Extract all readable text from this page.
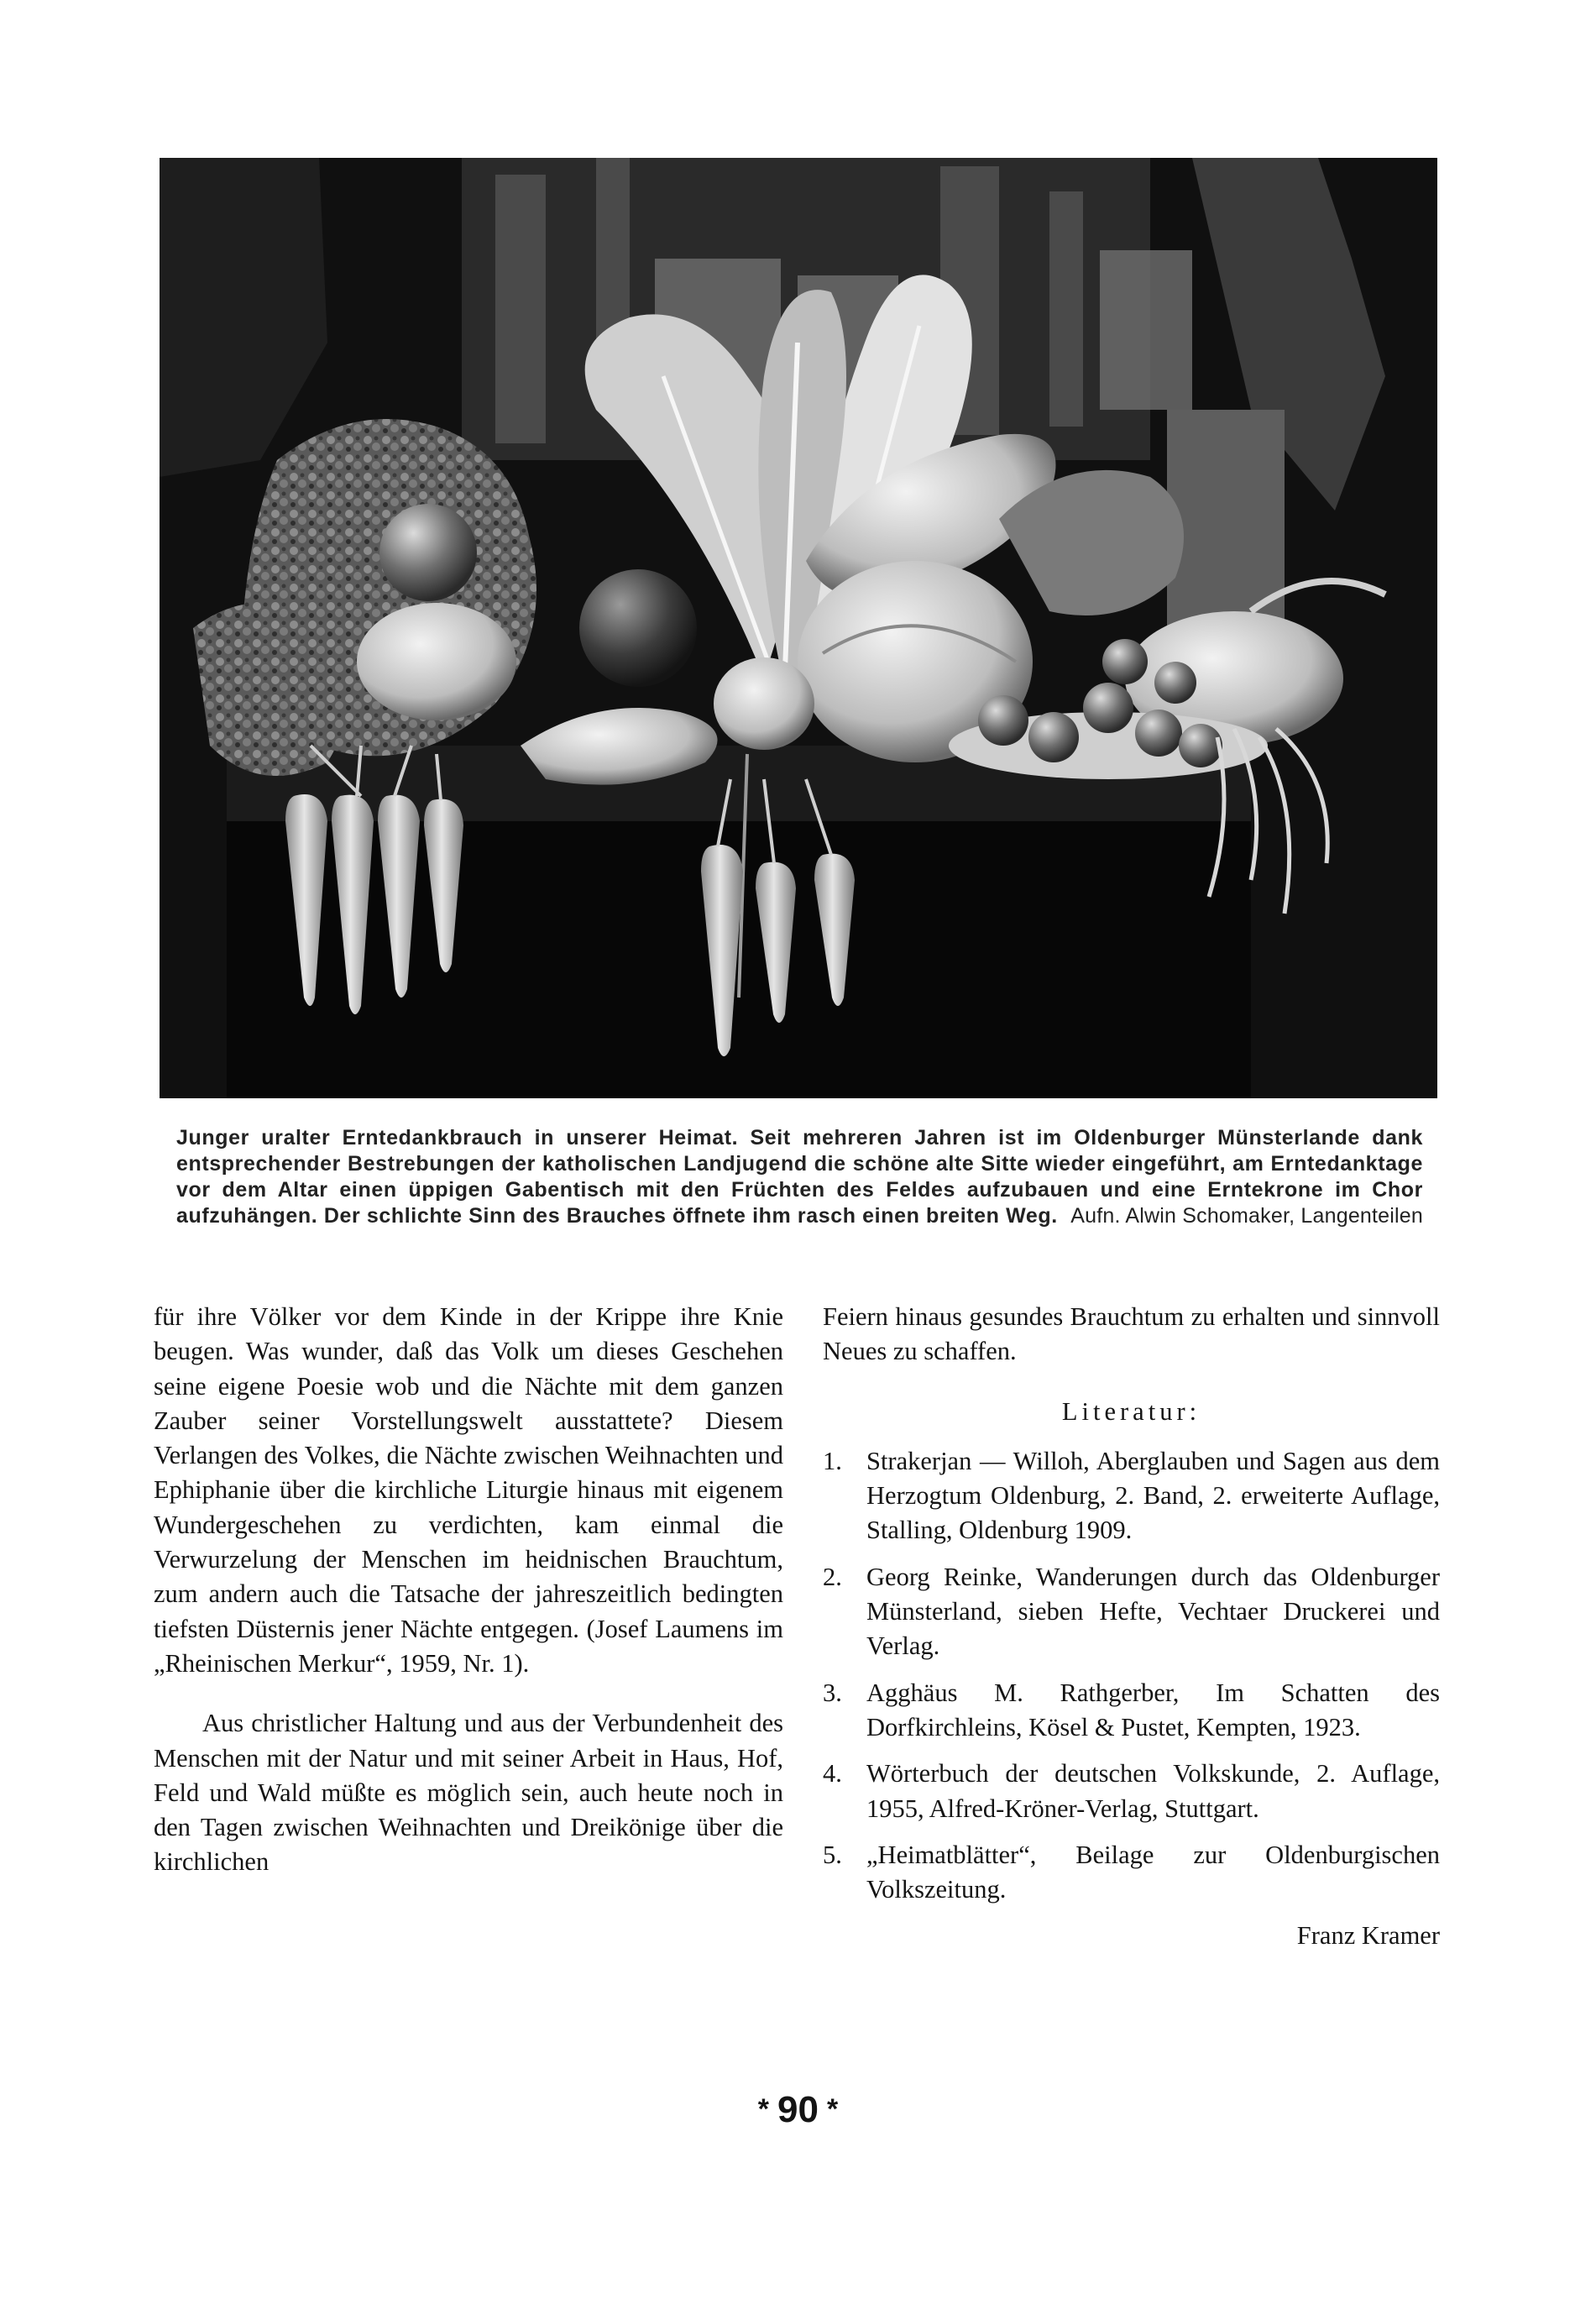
Junger uralter Erntedankbrauch in unserer Heimat. Seit mehreren Jahren ist im Oldenburger Münsterlande dank entsprechender Bestrebungen der katholischen Landjugend die schöne alte Sitte wieder eingeführt, am Erntedanktage vor dem Altar einen üppigen Gabentisch mit den Früchten des Feldes aufzubauen und eine Erntekrone im Chor aufzuhängen. Der schlichte Sinn des Brauches öffnete ihm rasch einen breiten Weg. Aufn. Alwin Schomaker, Langenteilen

für ihre Völker vor dem Kinde in der Krippe ihre Knie beugen. Was wunder, daß das Volk um dieses Geschehen seine eigene Poesie wob und die Nächte mit dem ganzen Zauber seiner Vorstellungswelt ausstattete? Diesem Verlangen des Volkes, die Nächte zwischen Weihnachten und Ephiphanie über die kirchliche Liturgie hinaus mit eigenem Wundergeschehen zu verdichten, kam einmal die Verwurzelung der Menschen im heidnischen Brauchtum, zum andern auch die Tatsache der jahreszeitlich bedingten tiefsten Düsternis jener Nächte entgegen. (Josef Laumens im „Rheinischen Merkur“, 1959, Nr. 1).

Aus christlicher Haltung und aus der Verbundenheit des Menschen mit der Natur und mit seiner Arbeit in Haus, Hof, Feld und Wald müßte es möglich sein, auch heute noch in den Tagen zwischen Weihnachten und Dreikönige über die kirchlichen

Feiern hinaus gesundes Brauchtum zu erhalten und sinnvoll Neues zu schaffen.

Literatur:
1. Strakerjan — Willoh, Aberglauben und Sagen aus dem Herzogtum Oldenburg, 2. Band, 2. erweiterte Auflage, Stalling, Oldenburg 1909.
2. Georg Reinke, Wanderungen durch das Oldenburger Münsterland, sieben Hefte, Vechtaer Druckerei und Verlag.
3. Agghäus M. Rathgerber, Im Schatten des Dorfkirchleins, Kösel & Pustet, Kempten, 1923.
4. Wörterbuch der deutschen Volkskunde, 2. Auflage, 1955, Alfred-Kröner-Verlag, Stuttgart.
5. „Heimatblätter“, Beilage zur Oldenburgischen Volkszeitung.
Franz Kramer
* 90 *
